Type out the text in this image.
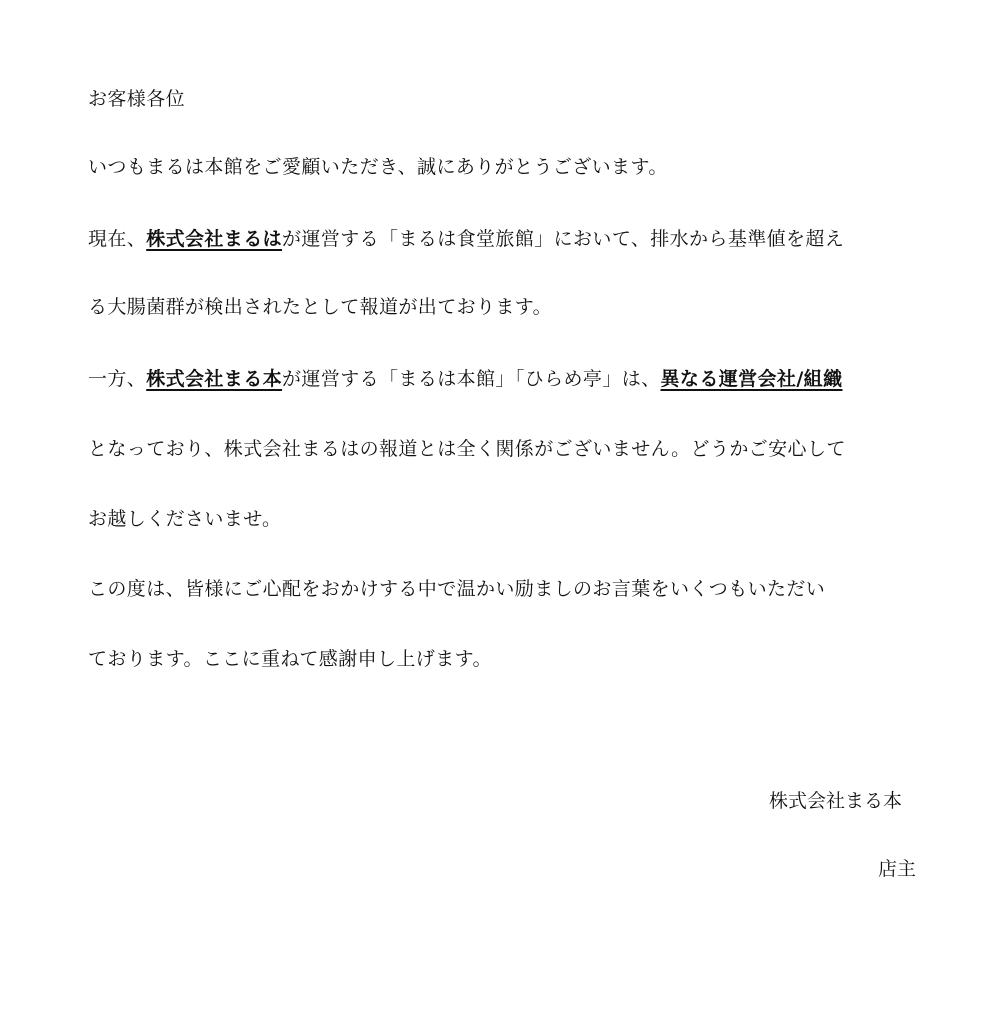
お客様各位
いつもまるは本館をご愛顧いただき、誠にありがとうございます。
現在、株式会社まるはが運営する「まるは食堂旅館」において、排水から基準値を超え
る大腸菌群が検出されたとして報道が出ております。
一方、株式会社まる本が運営する「まるは本館」「ひらめ亭」は、異なる運営会社/組織
となっており、株式会社まるはの報道とは全く関係がございません。どうかご安心して
お越しくださいませ。
この度は、皆様にご心配をおかけする中で温かい励ましのお言葉をいくつもいただい
ております。ここに重ねて感謝申し上げます。
株式会社まる本
店主
